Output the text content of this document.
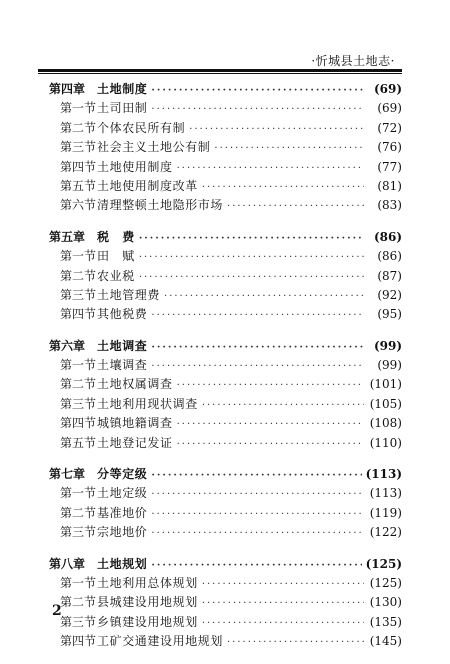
·忻城县土地志·
第四章 土地制度 ·····	(69)
第一节 土司田制 ·····	(69)
第二节 个体农民所有制 ·····	(72)
第三节 社会主义土地公有制 ·····	(76)
第四节 土地使用制度 ·····	(77)
第五节 土地使用制度改革 ·····	(81)
第六节 清理整顿土地隐形市场 ·····	(83)
第五章 税　费 ·····	(86)
第一节 田　赋 ·····	(86)
第二节 农业税 ·····	(87)
第三节 土地管理费 ·····	(92)
第四节 其他税费 ·····	(95)
第六章 土地调查 ·····	(99)
第一节 土壤调查 ·····	(99)
第二节 土地权属调查 ·····	(101)
第三节 土地利用现状调查 ·····	(105)
第四节 城镇地籍调查 ·····	(108)
第五节 土地登记发证 ·····	(110)
第七章 分等定级 ·····	(113)
第一节 土地定级 ·····	(113)
第二节 基准地价 ·····	(119)
第三节 宗地地价 ·····	(122)
第八章 土地规划 ·····	(125)
第一节 土地利用总体规划 ·····	(125)
第二节 县城建设用地规划 ·····	(130)
第三节 乡镇建设用地规划 ·····	(135)
第四节 工矿交通建设用地规划 ·····	(145)
2
